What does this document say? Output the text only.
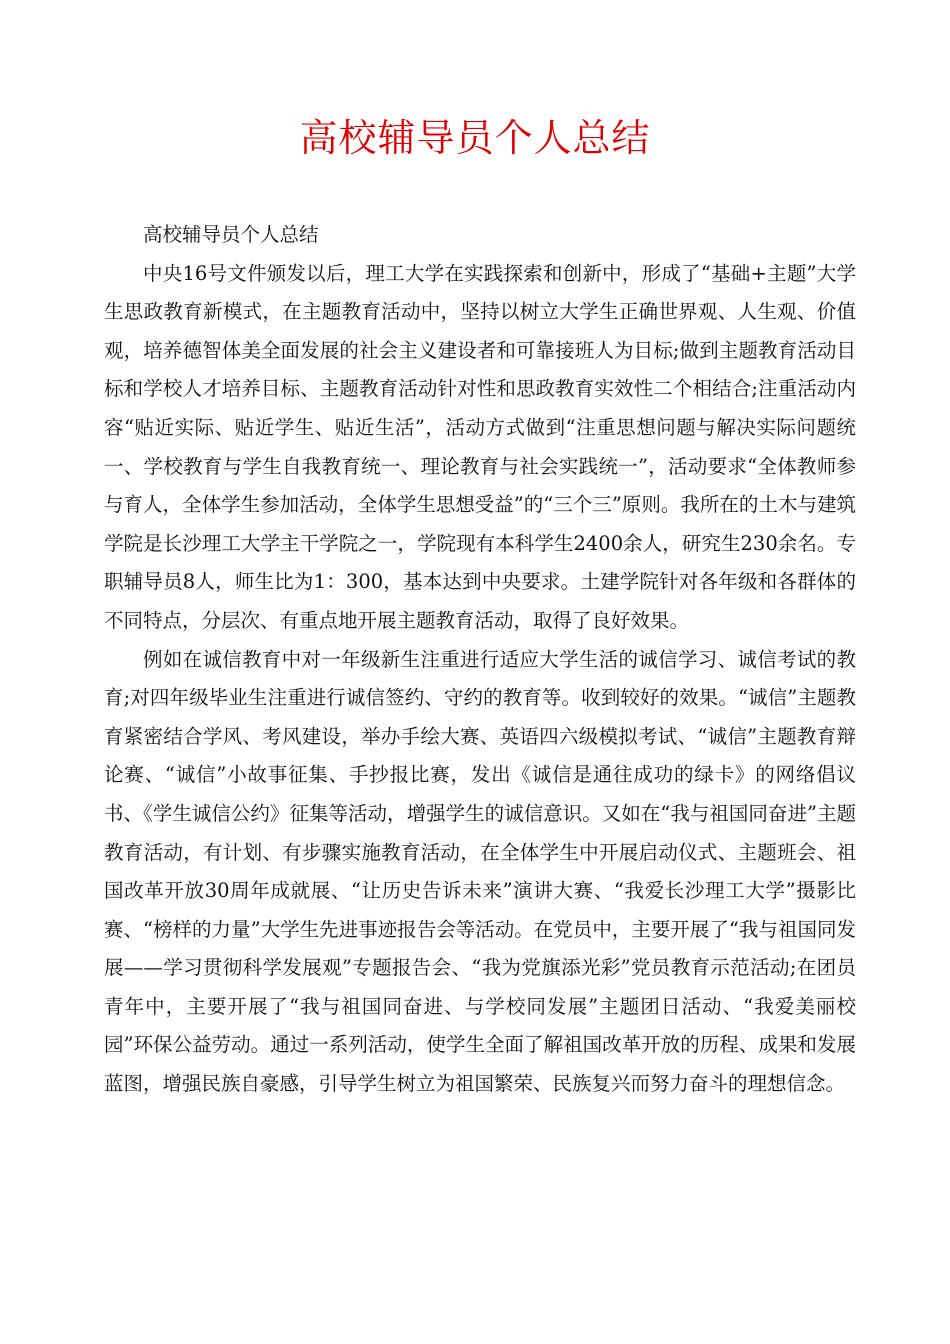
高校辅导员个人总结

高校辅导员个人总结

中央16号文件颁发以后，理工大学在实践探索和创新中，形成了“基础+主题”大学生思政教育新模式，在主题教育活动中，坚持以树立大学生正确世界观、人生观、价值观，培养德智体美全面发展的社会主义建设者和可靠接班人为目标;做到主题教育活动目标和学校人才培养目标、主题教育活动针对性和思政教育实效性二个相结合;注重活动内容“贴近实际、贴近学生、贴近生活”，活动方式做到“注重思想问题与解决实际问题统一、学校教育与学生自我教育统一、理论教育与社会实践统一”，活动要求“全体教师参与育人，全体学生参加活动，全体学生思想受益”的“三个三”原则。我所在的土木与建筑学院是长沙理工大学主干学院之一，学院现有本科学生2400余人，研究生230余名。专职辅导员8人，师生比为1：300，基本达到中央要求。土建学院针对各年级和各群体的不同特点，分层次、有重点地开展主题教育活动，取得了良好效果。

例如在诚信教育中对一年级新生注重进行适应大学生活的诚信学习、诚信考试的教育;对四年级毕业生注重进行诚信签约、守约的教育等。收到较好的效果。“诚信”主题教育紧密结合学风、考风建设，举办手绘大赛、英语四六级模拟考试、“诚信”主题教育辩论赛、“诚信”小故事征集、手抄报比赛，发出《诚信是通往成功的绿卡》的网络倡议书、《学生诚信公约》征集等活动，增强学生的诚信意识。又如在“我与祖国同奋进”主题教育活动，有计划、有步骤实施教育活动，在全体学生中开展启动仪式、主题班会、祖国改革开放30周年成就展、“让历史告诉未来”演讲大赛、“我爱长沙理工大学”摄影比赛、“榜样的力量”大学生先进事迹报告会等活动。在党员中，主要开展了“我与祖国同发展——学习贯彻科学发展观”专题报告会、“我为党旗添光彩”党员教育示范活动;在团员青年中，主要开展了“我与祖国同奋进、与学校同发展”主题团日活动、“我爱美丽校园”环保公益劳动。通过一系列活动，使学生全面了解祖国改革开放的历程、成果和发展蓝图，增强民族自豪感，引导学生树立为祖国繁荣、民族复兴而努力奋斗的理想信念。
